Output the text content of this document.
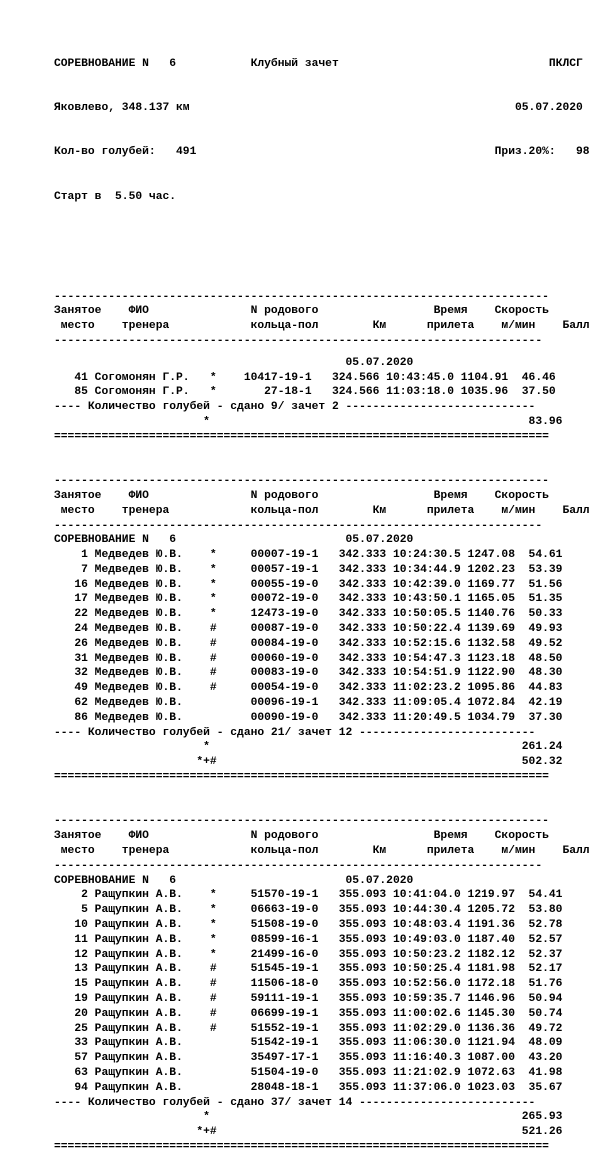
СОРЕВНОВАНИЕ N   6           Клубный зачет                               ПКЛСГ

Яковлево, 348.137 км                                                05.07.2020

Кол-во голубей:   491                                            Приз.20%:   98

Старт в  5.50 час.

-------------------------------------------------------------------------
Занятое    ФИО               N родового                 Время    Скорость
место    тренера            кольца-пол        Км      прилета    м/мин    Балл
------------------------------------------------------------------------

05.07.2020
41 Согомонян Г.Р.   *    10417-19-1   324.566 10:43:45.0 1104.91  46.46
85 Согомонян Г.Р.   *       27-18-1   324.566 11:03:18.0 1035.96  37.50
---- Количество голубей - сдано 9/ зачет 2 ----------------------------
*                                               83.96
=========================================================================

-------------------------------------------------------------------------
Занятое    ФИО               N родового                 Время    Скорость
место    тренера            кольца-пол        Км      прилета    м/мин    Балл
------------------------------------------------------------------------
СОРЕВНОВАНИЕ N   6                         05.07.2020
1 Медведев Ю.В.    *     00007-19-1   342.333 10:24:30.5 1247.08  54.61
7 Медведев Ю.В.    *     00057-19-1   342.333 10:34:44.9 1202.23  53.39
16 Медведев Ю.В.    *     00055-19-0   342.333 10:42:39.0 1169.77  51.56
17 Медведев Ю.В.    *     00072-19-0   342.333 10:43:50.1 1165.05  51.35
22 Медведев Ю.В.    *     12473-19-0   342.333 10:50:05.5 1140.76  50.33
24 Медведев Ю.В.    #     00087-19-0   342.333 10:50:22.4 1139.69  49.93
26 Медведев Ю.В.    #     00084-19-0   342.333 10:52:15.6 1132.58  49.52
31 Медведев Ю.В.    #     00060-19-0   342.333 10:54:47.3 1123.18  48.50
32 Медведев Ю.В.    #     00083-19-0   342.333 10:54:51.9 1122.90  48.30
49 Медведев Ю.В.    #     00054-19-0   342.333 11:02:23.2 1095.86  44.83
62 Медведев Ю.В.          00096-19-1   342.333 11:09:05.4 1072.84  42.19
86 Медведев Ю.В.          00090-19-0   342.333 11:20:49.5 1034.79  37.30
---- Количество голубей - сдано 21/ зачет 12 --------------------------
*                                              261.24
*+#                                             502.32
=========================================================================

-------------------------------------------------------------------------
Занятое    ФИО               N родового                 Время    Скорость
место    тренера            кольца-пол        Км      прилета    м/мин    Балл
------------------------------------------------------------------------
СОРЕВНОВАНИЕ N   6                         05.07.2020
2 Ращупкин А.В.    *     51570-19-1   355.093 10:41:04.0 1219.97  54.41
5 Ращупкин А.В.    *     06663-19-0   355.093 10:44:30.4 1205.72  53.80
10 Ращупкин А.В.    *     51508-19-0   355.093 10:48:03.4 1191.36  52.78
11 Ращупкин А.В.    *     08599-16-1   355.093 10:49:03.0 1187.40  52.57
12 Ращупкин А.В.    *     21499-16-0   355.093 10:50:23.2 1182.12  52.37
13 Ращупкин А.В.    #     51545-19-1   355.093 10:50:25.4 1181.98  52.17
15 Ращупкин А.В.    #     11506-18-0   355.093 10:52:56.0 1172.18  51.76
19 Ращупкин А.В.    #     59111-19-1   355.093 10:59:35.7 1146.96  50.94
20 Ращупкин А.В.    #     06699-19-1   355.093 11:00:02.6 1145.30  50.74
25 Ращупкин А.В.    #     51552-19-1   355.093 11:02:29.0 1136.36  49.72
33 Ращупкин А.В.          51542-19-1   355.093 11:06:30.0 1121.94  48.09
57 Ращупкин А.В.          35497-17-1   355.093 11:16:40.3 1087.00  43.20
63 Ращупкин А.В.          51504-19-0   355.093 11:21:02.9 1072.63  41.98
94 Ращупкин А.В.          28048-18-1   355.093 11:37:06.0 1023.03  35.67
---- Количество голубей - сдано 37/ зачет 14 --------------------------
*                                              265.93
*+#                                             521.26
=========================================================================
